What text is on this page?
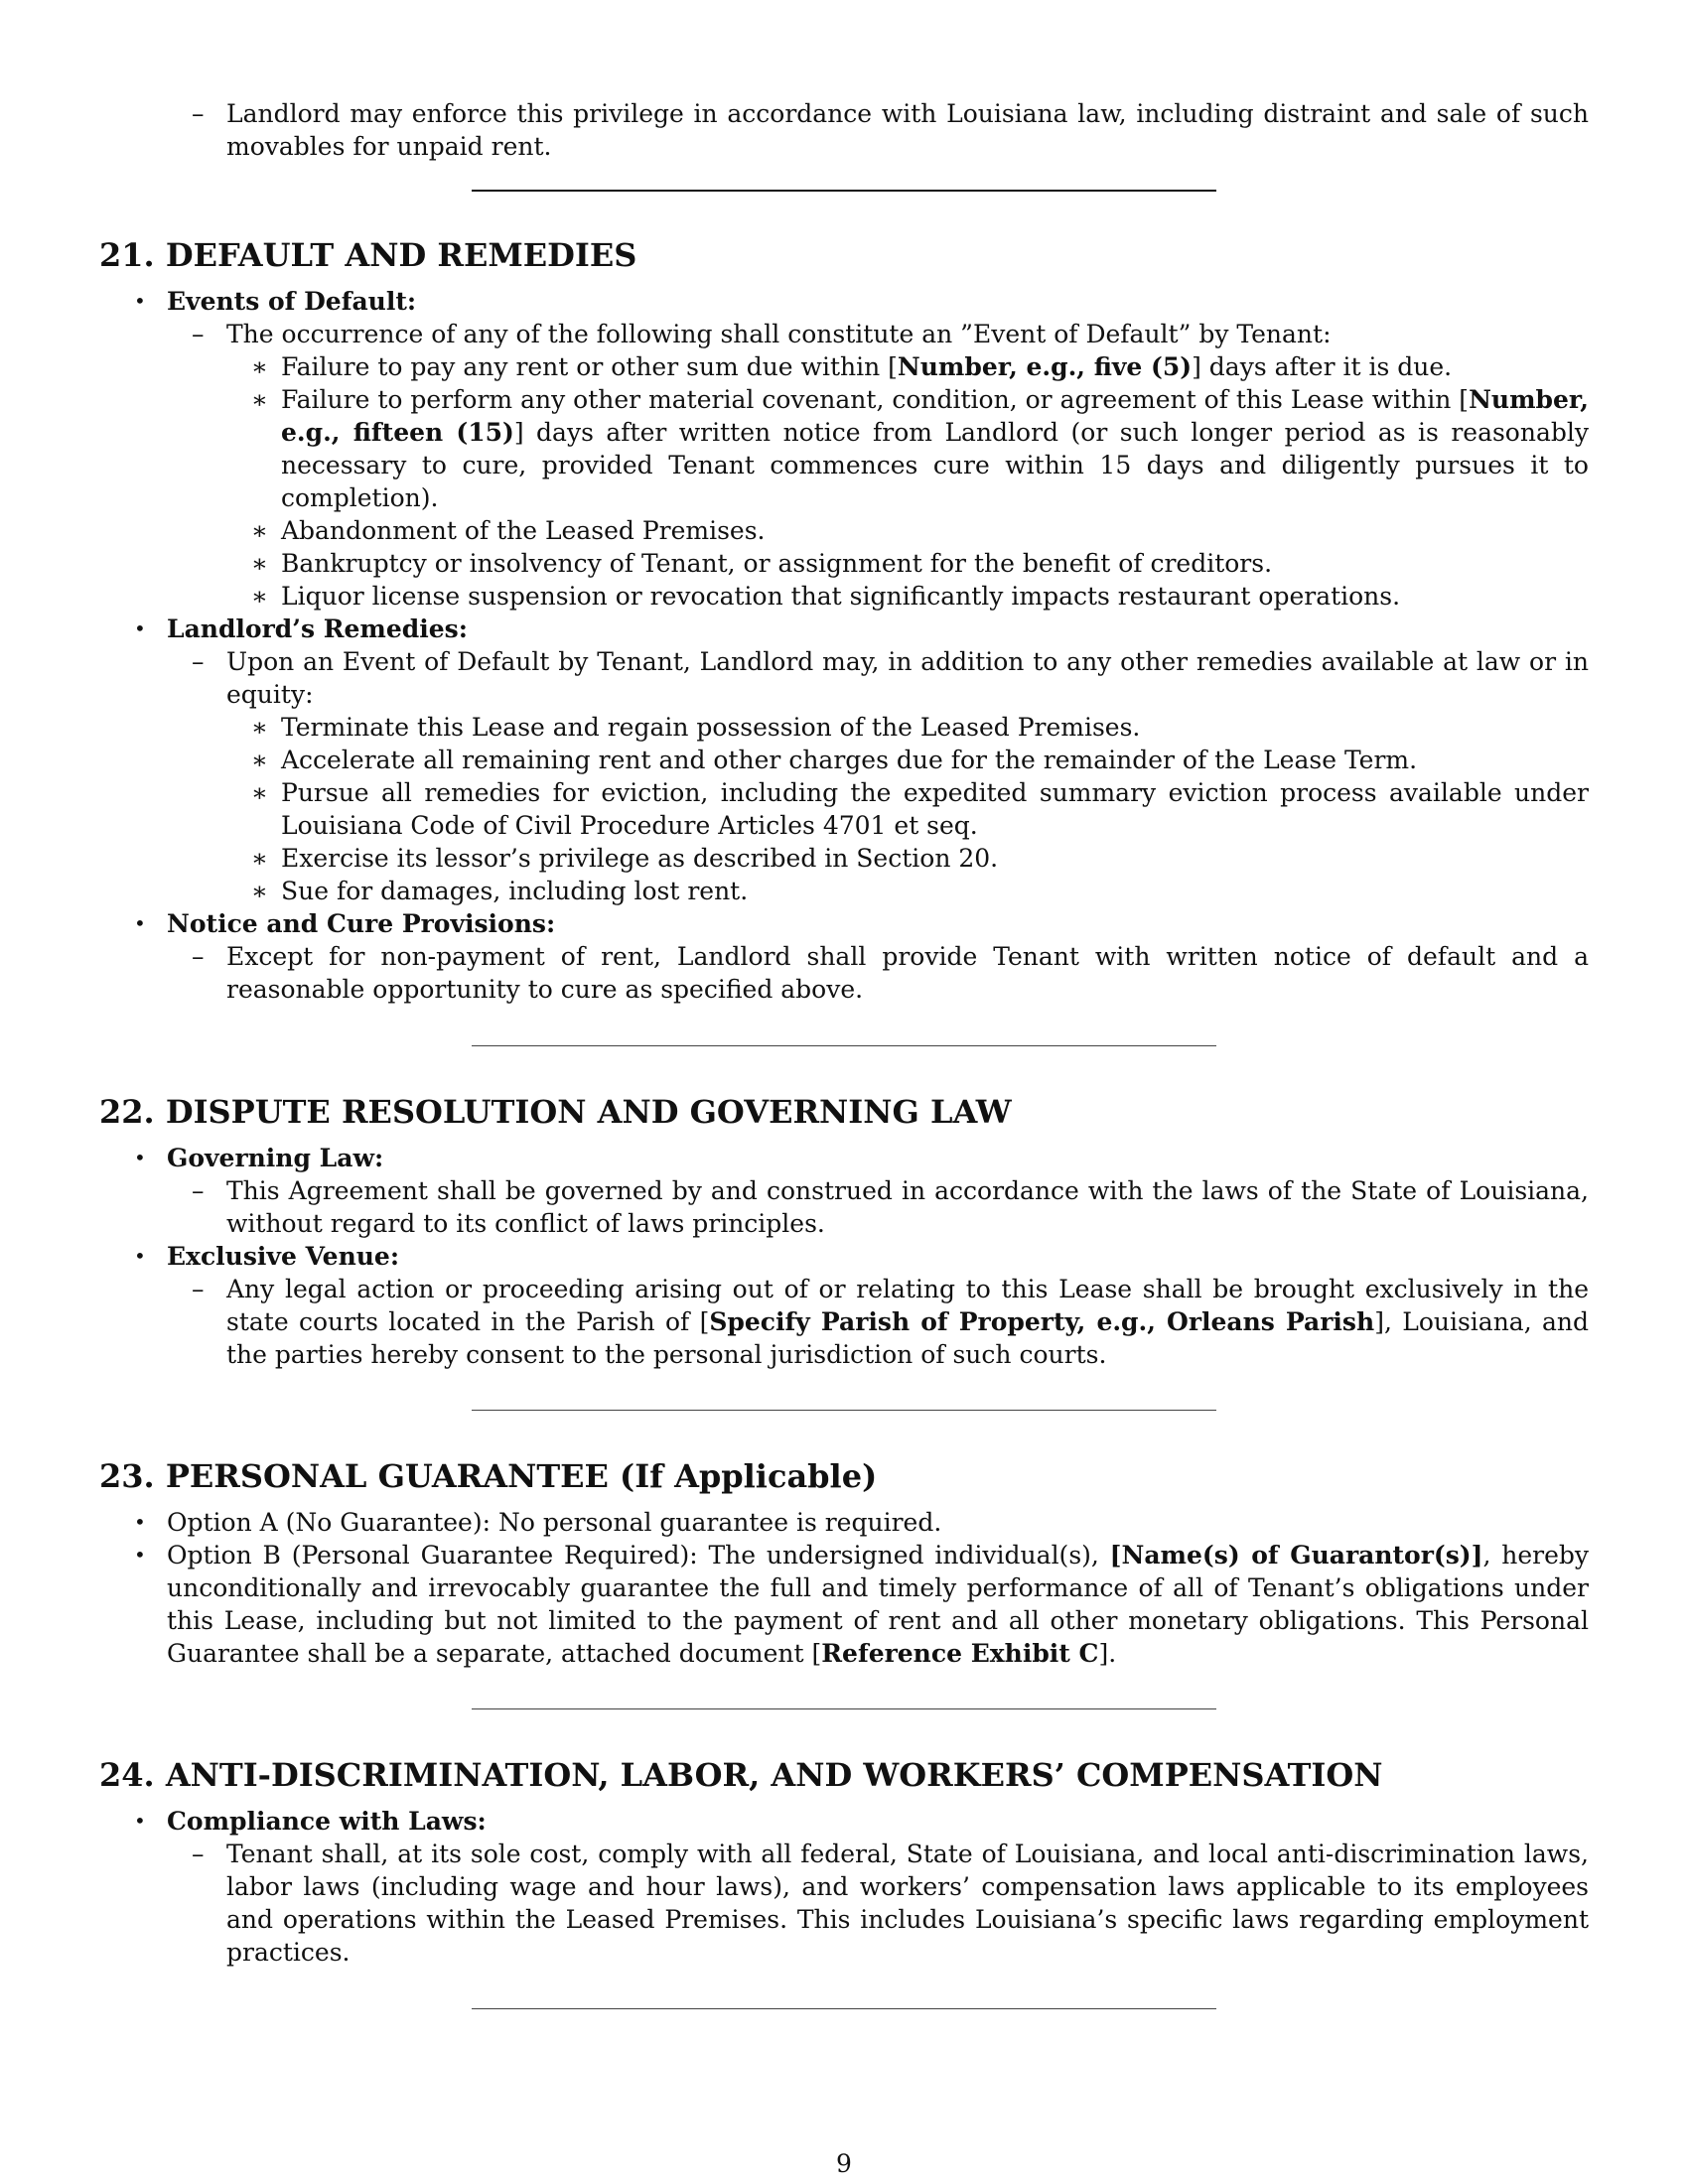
– Landlord may enforce this privilege in accordance with Louisiana law, including distraint and sale of such movables for unpaid rent.
21. DEFAULT AND REMEDIES
• Events of Default:
– The occurrence of any of the following shall constitute an ”Event of Default” by Tenant:
∗ Failure to pay any rent or other sum due within [Number, e.g., five (5)] days after it is due.
∗ Failure to perform any other material covenant, condition, or agreement of this Lease within [Number, e.g., fifteen (15)] days after written notice from Landlord (or such longer period as is reasonably necessary to cure, provided Tenant commences cure within 15 days and diligently pursues it to completion).
∗ Abandonment of the Leased Premises.
∗ Bankruptcy or insolvency of Tenant, or assignment for the benefit of creditors.
∗ Liquor license suspension or revocation that significantly impacts restaurant operations.
• Landlord’s Remedies:
– Upon an Event of Default by Tenant, Landlord may, in addition to any other remedies available at law or in equity:
∗ Terminate this Lease and regain possession of the Leased Premises.
∗ Accelerate all remaining rent and other charges due for the remainder of the Lease Term.
∗ Pursue all remedies for eviction, including the expedited summary eviction process available under Louisiana Code of Civil Procedure Articles 4701 et seq.
∗ Exercise its lessor’s privilege as described in Section 20.
∗ Sue for damages, including lost rent.
• Notice and Cure Provisions:
– Except for non-payment of rent, Landlord shall provide Tenant with written notice of default and a reasonable opportunity to cure as specified above.
22. DISPUTE RESOLUTION AND GOVERNING LAW
• Governing Law:
– This Agreement shall be governed by and construed in accordance with the laws of the State of Louisiana, without regard to its conflict of laws principles.
• Exclusive Venue:
– Any legal action or proceeding arising out of or relating to this Lease shall be brought exclusively in the state courts located in the Parish of [Specify Parish of Property, e.g., Orleans Parish], Louisiana, and the parties hereby consent to the personal jurisdiction of such courts.
23. PERSONAL GUARANTEE (If Applicable)
• Option A (No Guarantee): No personal guarantee is required.
• Option B (Personal Guarantee Required): The undersigned individual(s), [Name(s) of Guarantor(s)], hereby unconditionally and irrevocably guarantee the full and timely performance of all of Tenant’s obligations under this Lease, including but not limited to the payment of rent and all other monetary obligations. This Personal Guarantee shall be a separate, attached document [Reference Exhibit C].
24. ANTI-DISCRIMINATION, LABOR, AND WORKERS’ COMPENSATION
• Compliance with Laws:
– Tenant shall, at its sole cost, comply with all federal, State of Louisiana, and local anti-discrimination laws, labor laws (including wage and hour laws), and workers’ compensation laws applicable to its employees and operations within the Leased Premises. This includes Louisiana’s specific laws regarding employment practices.
9
